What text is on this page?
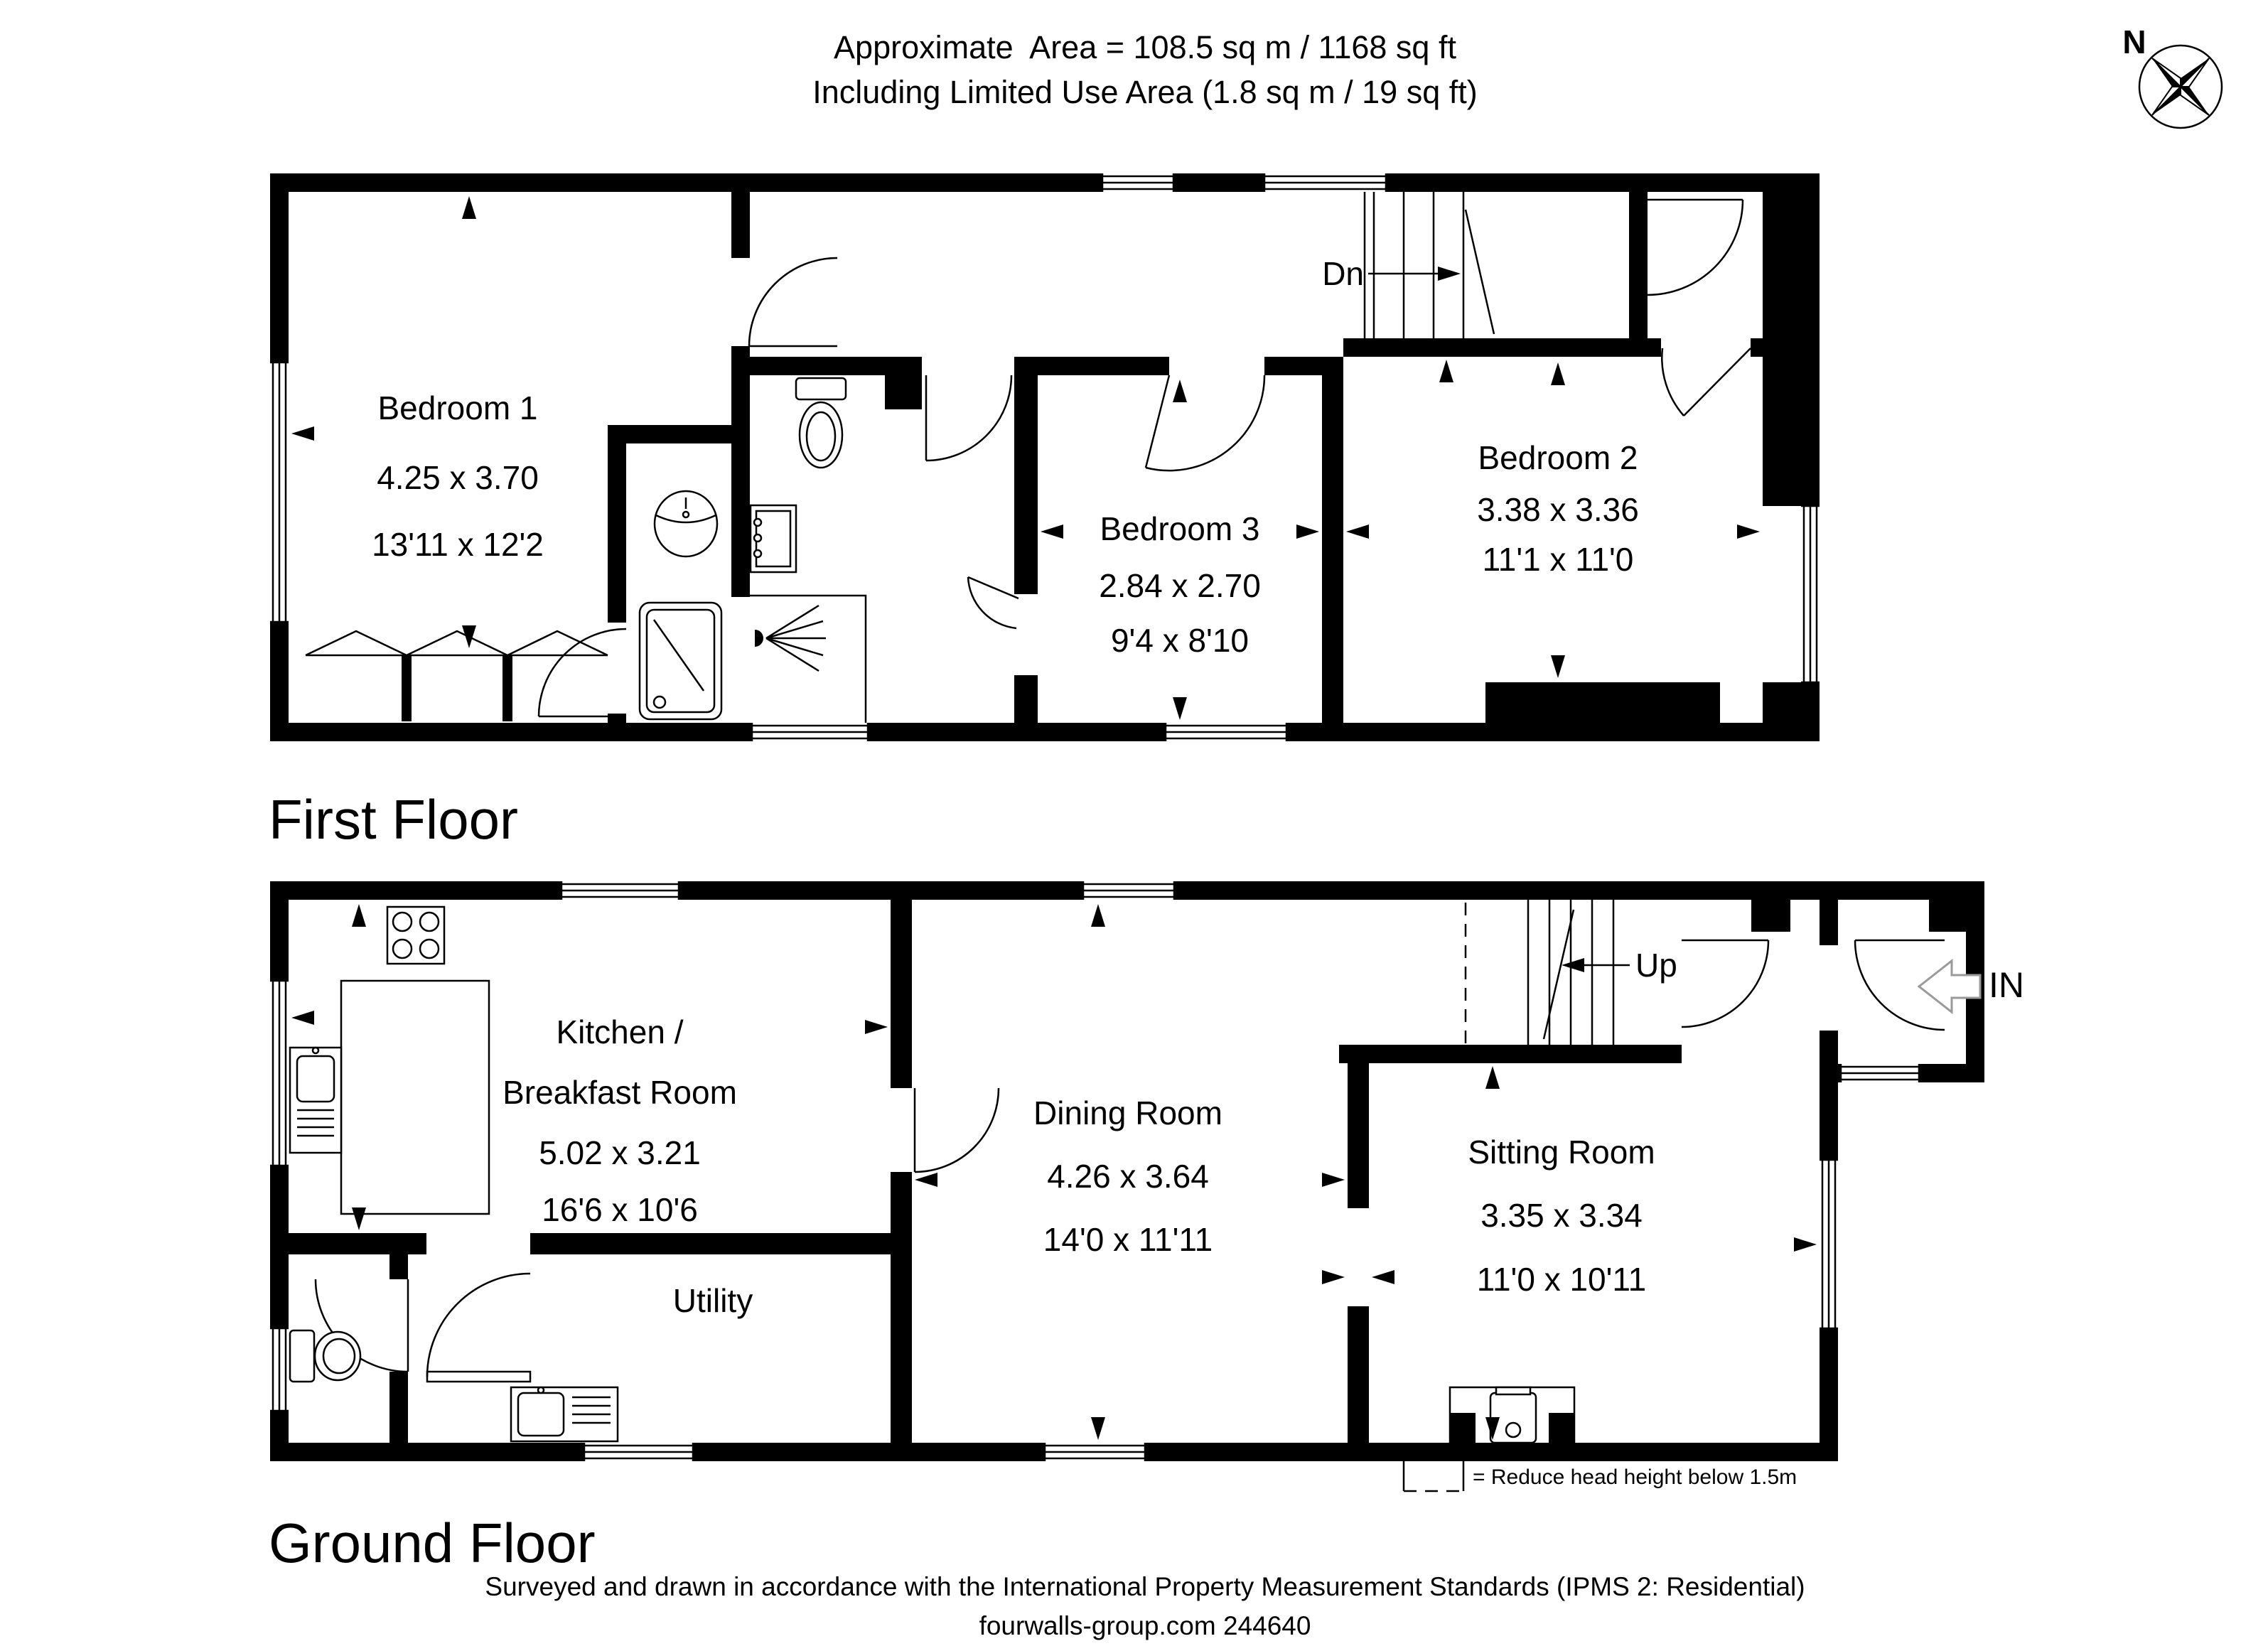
Approximate  Area = 108.5 sq m / 1168 sq ft
Including Limited Use Area (1.8 sq m / 19 sq ft)
N
Dn
Bedroom 1
4.25 x 3.70
13'11 x 12'2	Bedroom 3
2.84 x 2.70
9'4 x 8'10
Bedroom 2
3.38 x 3.36
11'1 x 11'0
First Floor
Up
Kitchen /
Breakfast Room
5.02 x 3.21
16'6 x 10'6
Dining Room
4.26 x 3.64
14'0 x 11'11
Sitting Room
3.35 x 3.34
11'0 x 10'11
Utility
IN
Ground Floor
= Reduce head height below 1.5m
Surveyed and drawn in accordance with the International Property Measurement Standards (IPMS 2: Residential)
fourwalls-group.com 244640
